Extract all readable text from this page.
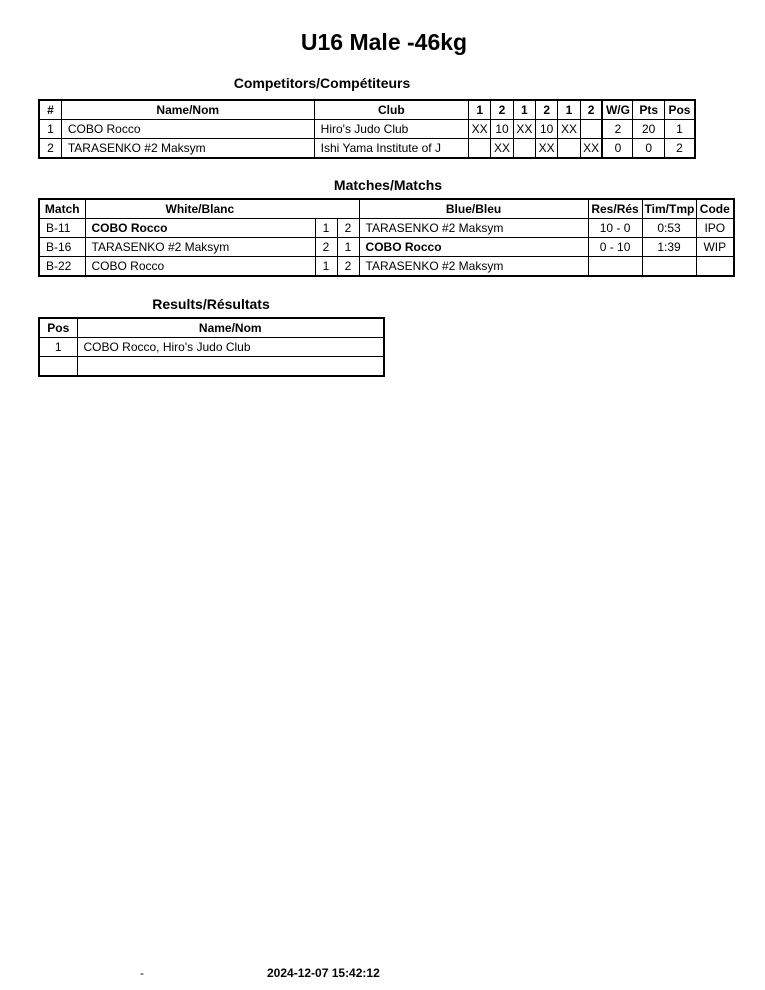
U16 Male -46kg
Competitors/Compétiteurs
#	Name/Nom	Club	1	2	1	2	1	2	W/G	Pts	Pos
1	COBO Rocco	Hiro's Judo Club	XX	10	XX	10	XX		2	20	1
2	TARASENKO #2 Maksym	Ishi Yama Institute of J		XX		XX		XX	0	0	2
Matches/Matchs
Match	White/Blanc			Blue/Bleu	Res/Rés	Tim/Tmp	Code
B-11	COBO Rocco	1	2	TARASENKO #2 Maksym	10 - 0	0:53	IPO
B-16	TARASENKO #2 Maksym	2	1	COBO Rocco	0 - 10	1:39	WIP
B-22	COBO Rocco	1	2	TARASENKO #2 Maksym			
Results/Résultats
Pos	Name/Nom
1	COBO Rocco, Hiro's Judo Club

-	2024-12-07 15:42:12
